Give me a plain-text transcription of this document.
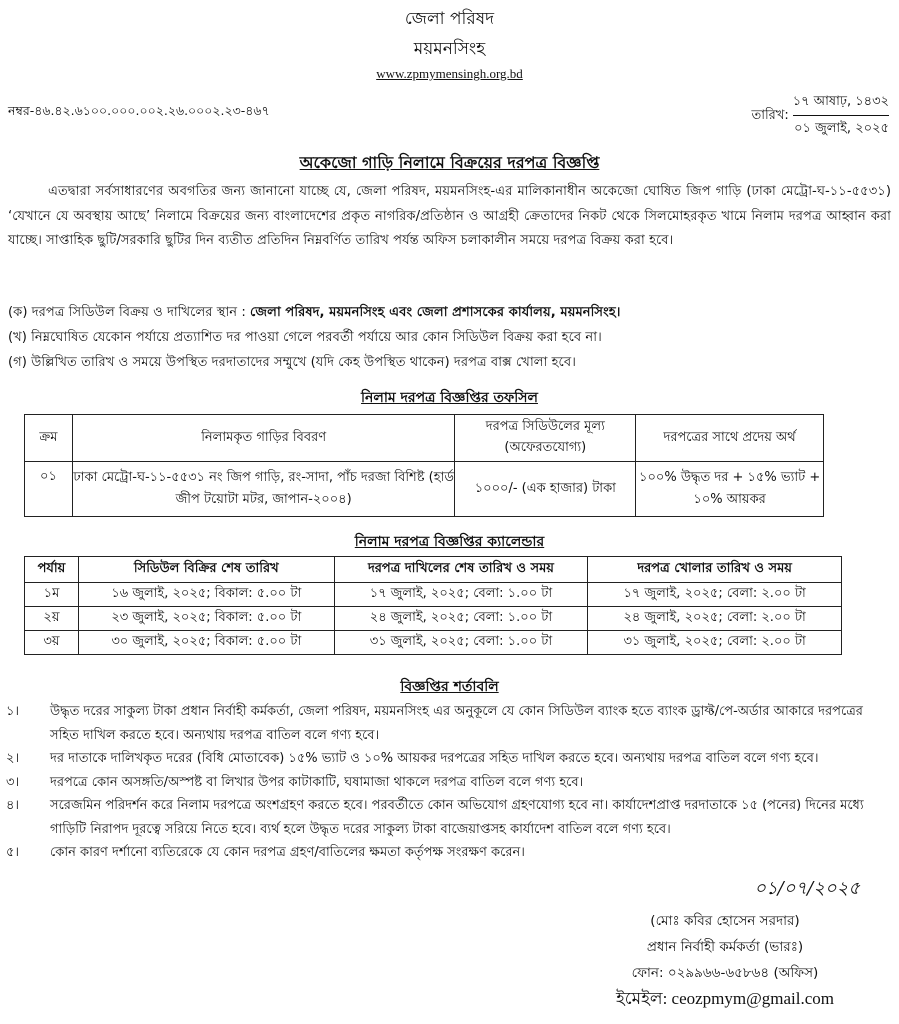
জেলা পরিষদ
ময়মনসিংহ
www.zpmymensingh.org.bd
নম্বর-৪৬.৪২.৬১০০.০০০.০০২.২৬.০০০২.২৩-৪৬৭	তারিখ:
১৭ আষাঢ়, ১৪৩২
০১ জুলাই, ২০২৫
অকেজো গাড়ি নিলামে বিক্রয়ের দরপত্র বিজ্ঞপ্তি

এতদ্বারা সর্বসাধারণের অবগতির জন্য জানানো যাচ্ছে যে, জেলা পরিষদ, ময়মনসিংহ-এর মালিকানাধীন অকেজো ঘোষিত জিপ গাড়ি (ঢাকা মেট্রো-ঘ-১১-৫৫৩১) ‘যেখানে যে অবস্থায় আছে’ নিলামে বিক্রয়ের জন্য বাংলাদেশের প্রকৃত নাগরিক/প্রতিষ্ঠান ও আগ্রহী ক্রেতাদের নিকট থেকে সিলমোহরকৃত খামে নিলাম দরপত্র আহ্বান করা যাচ্ছে। সাপ্তাহিক ছুটি/সরকারি ছুটির দিন ব্যতীত প্রতিদিন নিম্নবর্ণিত তারিখ পর্যন্ত অফিস চলাকালীন সময়ে দরপত্র বিক্রয় করা হবে।

(ক) দরপত্র সিডিউল বিক্রয় ও দাখিলের স্থান : জেলা পরিষদ, ময়মনসিংহ এবং জেলা প্রশাসকের কার্যালয়, ময়মনসিংহ।
(খ) নিম্নঘোষিত যেকোন পর্যায়ে প্রত্যাশিত দর পাওয়া গেলে পরবর্তী পর্যায়ে আর কোন সিডিউল বিক্রয় করা হবে না।
(গ) উল্লিখিত তারিখ ও সময়ে উপস্থিত দরদাতাদের সম্মুখে (যদি কেহ উপস্থিত থাকেন) দরপত্র বাক্স খোলা হবে।
নিলাম দরপত্র বিজ্ঞপ্তির তফসিল
ক্রম	নিলামকৃত গাড়ির বিবরণ	দরপত্র সিডিউলের মূল্য (অফেরতযোগ্য)	দরপত্রের সাথে প্রদেয় অর্থ
০১	ঢাকা মেট্রো-ঘ-১১-৫৫৩১ নং জিপ গাড়ি, রং-সাদা, পাঁচ দরজা বিশিষ্ট (হার্ড জীপ টয়োটা মটর, জাপান-২০০৪)	১০০০/- (এক হাজার) টাকা	১০০% উদ্ধৃত দর + ১৫% ভ্যাট + ১০% আয়কর
নিলাম দরপত্র বিজ্ঞপ্তির ক্যালেন্ডার
পর্যায়	সিডিউল বিক্রির শেষ তারিখ	দরপত্র দাখিলের শেষ তারিখ ও সময়	দরপত্র খোলার তারিখ ও সময়
১ম	১৬ জুলাই, ২০২৫; বিকাল: ৫.০০ টা	১৭ জুলাই, ২০২৫; বেলা: ১.০০ টা	১৭ জুলাই, ২০২৫; বেলা: ২.০০ টা
২য়	২৩ জুলাই, ২০২৫; বিকাল: ৫.০০ টা	২৪ জুলাই, ২০২৫; বেলা: ১.০০ টা	২৪ জুলাই, ২০২৫; বেলা: ২.০০ টা
৩য়	৩০ জুলাই, ২০২৫; বিকাল: ৫.০০ টা	৩১ জুলাই, ২০২৫; বেলা: ১.০০ টা	৩১ জুলাই, ২০২৫; বেলা: ২.০০ টা
বিজ্ঞপ্তির শর্তাবলি
১।	উদ্ধৃত দরের সাকুল্য টাকা প্রধান নির্বাহী কর্মকর্তা, জেলা পরিষদ, ময়মনসিংহ এর অনুকূলে যে কোন সিডিউল ব্যাংক হতে ব্যাংক ড্রাফ্ট/পে-অর্ডার আকারে দরপত্রের সহিত দাখিল করতে হবে। অন্যথায় দরপত্র বাতিল বলে গণ্য হবে।
২।	দর দাতাকে দালিখকৃত দরের (বিধি মোতাবেক) ১৫% ভ্যাট ও ১০% আয়কর দরপত্রের সহিত দাখিল করতে হবে। অন্যথায় দরপত্র বাতিল বলে গণ্য হবে।
৩।	দরপত্রে কোন অসঙ্গতি/অস্পষ্ট বা লিখার উপর কাটাকাটি, ঘষামাজা থাকলে দরপত্র বাতিল বলে গণ্য হবে।
৪।	সরেজমিন পরিদর্শন করে নিলাম দরপত্রে অংশগ্রহণ করতে হবে। পরবর্তীতে কোন অভিযোগ গ্রহণযোগ্য হবে না। কার্যাদেশপ্রাপ্ত দরদাতাকে ১৫ (পনের) দিনের মধ্যে গাড়িটি নিরাপদ দূরত্বে সরিয়ে নিতে হবে। ব্যর্থ হলে উদ্ধৃত দরের সাকুল্য টাকা বাজেয়াপ্তসহ কার্যাদেশ বাতিল বলে গণ্য হবে।
৫।	কোন কারণ দর্শানো ব্যতিরেকে যে কোন দরপত্র গ্রহণ/বাতিলের ক্ষমতা কর্তৃপক্ষ সংরক্ষণ করেন।
০১/০৭/২০২৫
(মোঃ কবির হোসেন সরদার)
প্রধান নির্বাহী কর্মকর্তা (ভারঃ)
ফোন: ০২৯৯৬৬-৬৫৮৬৪ (অফিস)
ইমেইল: ceozpmym@gmail.com
